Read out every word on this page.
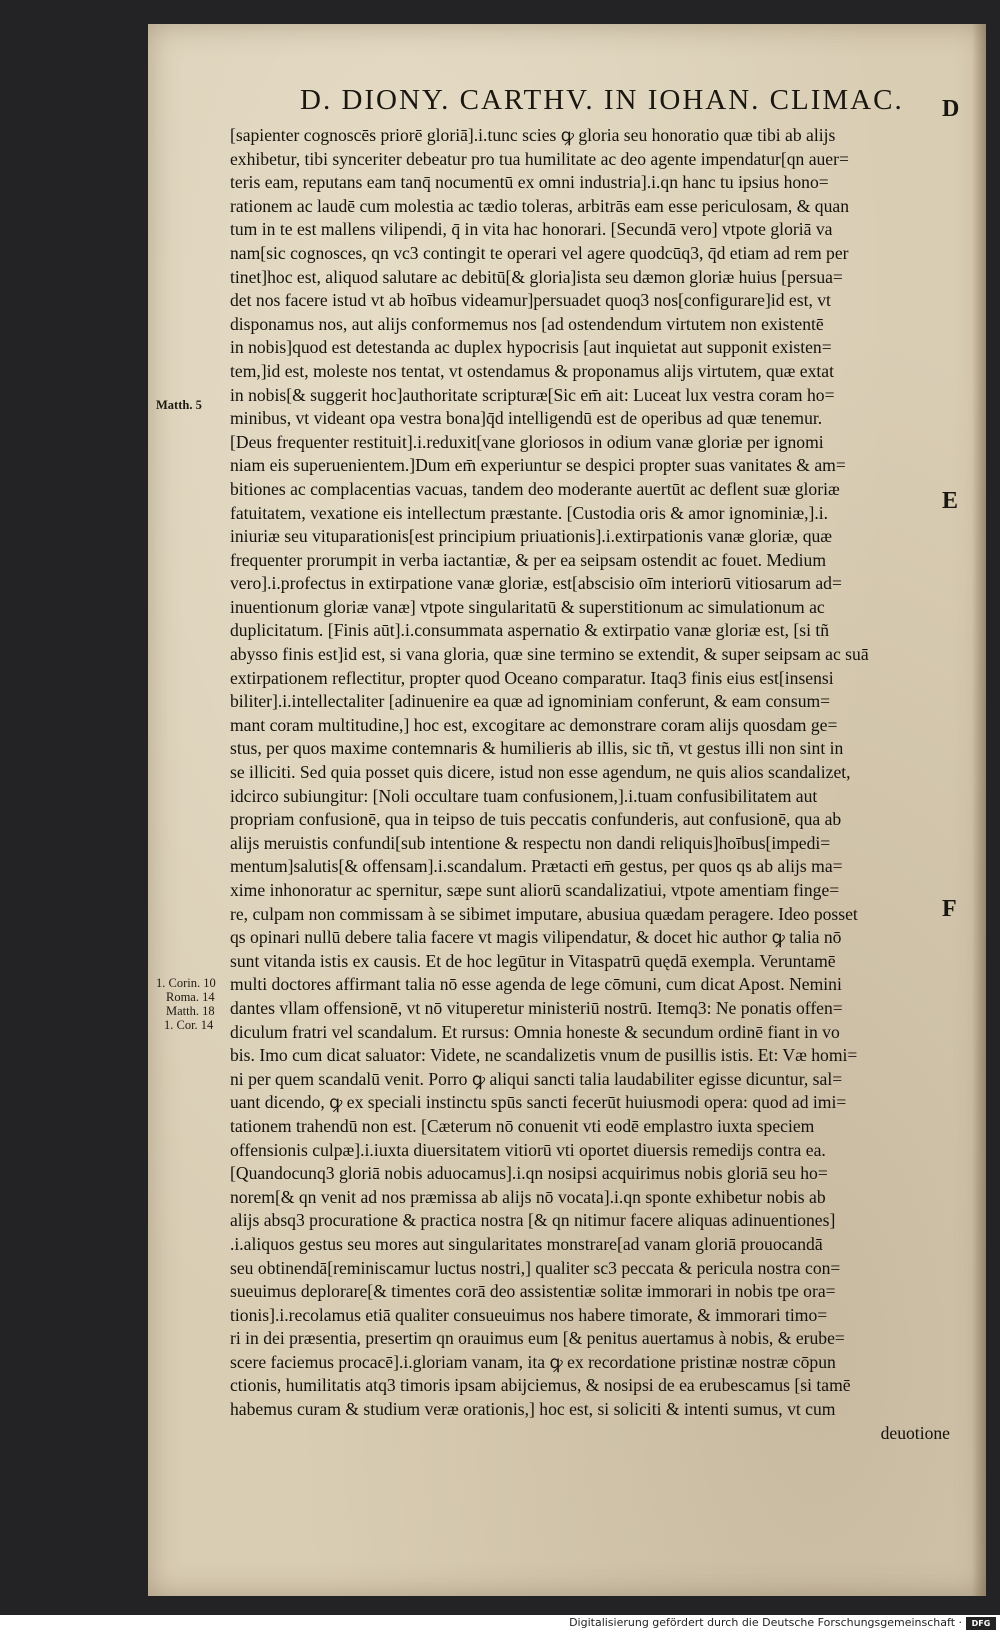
D. DIONY. CARTHV. IN IOHAN. CLIMAC. D
E
F
Matth. 5
1. Corin. 10
Roma. 14
Matth. 18
1. Cor. 14
[sapienter cognoscēs priorē gloriā].i.tunc scies ꝙ gloria seu honoratio quæ tibi ab alijs
exhibetur, tibi synceriter debeatur pro tua humilitate ac deo agente impendatur[qn auer=
teris eam, reputans eam tanq̄ nocumentū ex omni industria].i.qn hanc tu ipsius hono=
rationem ac laudē cum molestia ac tædio toleras, arbitrās eam esse periculosam, & quan
tum in te est mallens vilipendi, q̄ in vita hac honorari. [Secundā vero] vtpote gloriā va
nam[sic cognosces, qn vc3 contingit te operari vel agere quodcūq3, q̄d etiam ad rem per
tinet]hoc est, aliquod salutare ac debitū[& gloria]ista seu dæmon gloriæ huius [persua=
det nos facere istud vt ab hoībus videamur]persuadet quoq3 nos[configurare]id est, vt
disponamus nos, aut alijs conformemus nos [ad ostendendum virtutem non existentē
in nobis]quod est detestanda ac duplex hypocrisis [aut inquietat aut supponit existen=
tem,]id est, moleste nos tentat, vt ostendamus & proponamus alijs virtutem, quæ extat
in nobis[& suggerit hoc]authoritate scripturæ[Sic em̄ ait: Luceat lux vestra coram ho=
minibus, vt videant opa vestra bona]q̄d intelligendū est de operibus ad quæ tenemur.
[Deus frequenter restituit].i.reduxit[vane gloriosos in odium vanæ gloriæ per ignomi
niam eis superuenientem.]Dum em̄ experiuntur se despici propter suas vanitates & am=
bitiones ac complacentias vacuas, tandem deo moderante auertūt ac deflent suæ gloriæ
fatuitatem, vexatione eis intellectum præstante. [Custodia oris & amor ignominiæ,].i.
iniuriæ seu vituparationis[est principium priuationis].i.extirpationis vanæ gloriæ, quæ
frequenter prorumpit in verba iactantiæ, & per ea seipsam ostendit ac fouet. Medium
vero].i.profectus in extirpatione vanæ gloriæ, est[abscisio oīm interiorū vitiosarum ad=
inuentionum gloriæ vanæ] vtpote singularitatū & superstitionum ac simulationum ac
duplicitatum. [Finis aūt].i.consummata aspernatio & extirpatio vanæ gloriæ est, [si tñ
abysso finis est]id est, si vana gloria, quæ sine termino se extendit, & super seipsam ac suā
extirpationem reflectitur, propter quod Oceano comparatur. Itaq3 finis eius est[insensi
biliter].i.intellectaliter [adinuenire ea quæ ad ignominiam conferunt, & eam consum=
mant coram multitudine,] hoc est, excogitare ac demonstrare coram alijs quosdam ge=
stus, per quos maxime contemnaris & humilieris ab illis, sic tñ, vt gestus illi non sint in
se illiciti. Sed quia posset quis dicere, istud non esse agendum, ne quis alios scandalizet,
idcirco subiungitur: [Noli occultare tuam confusionem,].i.tuam confusibilitatem aut
propriam confusionē, qua in teipso de tuis peccatis confunderis, aut confusionē, qua ab
alijs meruistis confundi[sub intentione & respectu non dandi reliquis]hoībus[impedi=
mentum]salutis[& offensam].i.scandalum. Prætacti em̄ gestus, per quos qs ab alijs ma=
xime inhonoratur ac spernitur, sæpe sunt aliorū scandalizatiui, vtpote amentiam finge=
re, culpam non commissam à se sibimet imputare, abusiua quædam peragere. Ideo posset
qs opinari nullū debere talia facere vt magis vilipendatur, & docet hic author ꝙ talia nō
sunt vitanda istis ex causis. Et de hoc legūtur in Vitaspatrū quędā exempla. Veruntamē
multi doctores affirmant talia nō esse agenda de lege cōmuni, cum dicat Apost. Nemini
dantes vllam offensionē, vt nō vituperetur ministeriū nostrū. Itemq3: Ne ponatis offen=
diculum fratri vel scandalum. Et rursus: Omnia honeste & secundum ordinē fiant in vo
bis. Imo cum dicat saluator: Videte, ne scandalizetis vnum de pusillis istis. Et: Væ homi=
ni per quem scandalū venit. Porro ꝙ aliqui sancti talia laudabiliter egisse dicuntur, sal=
uant dicendo, ꝙ ex speciali instinctu spūs sancti fecerūt huiusmodi opera: quod ad imi=
tationem trahendū non est. [Cæterum nō conuenit vti eodē emplastro iuxta speciem
offensionis culpæ].i.iuxta diuersitatem vitiorū vti oportet diuersis remedijs contra ea.
[Quandocunq3 gloriā nobis aduocamus].i.qn nosipsi acquirimus nobis gloriā seu ho=
norem[& qn venit ad nos præmissa ab alijs nō vocata].i.qn sponte exhibetur nobis ab
alijs absq3 procuratione & practica nostra [& qn nitimur facere aliquas adinuentiones]
.i.aliquos gestus seu mores aut singularitates monstrare[ad vanam gloriā prouocandā
seu obtinendā[reminiscamur luctus nostri,] qualiter sc3 peccata & pericula nostra con=
sueuimus deplorare[& timentes corā deo assistentiæ solitæ immorari in nobis tpe ora=
tionis].i.recolamus etiā qualiter consueuimus nos habere timorate, & immorari timo=
ri in dei præsentia, presertim qn orauimus eum [& penitus auertamus à nobis, & erube=
scere faciemus procacē].i.gloriam vanam, ita ꝙ ex recordatione pristinæ nostræ cōpun
ctionis, humilitatis atq3 timoris ipsam abijciemus, & nosipsi de ea erubescamus [si tamē
habemus curam & studium veræ orationis,] hoc est, si soliciti & intenti sumus, vt cum
deuotione
Digitalisierung gefördert durch die Deutsche Forschungsgemeinschaft ·	DFG
